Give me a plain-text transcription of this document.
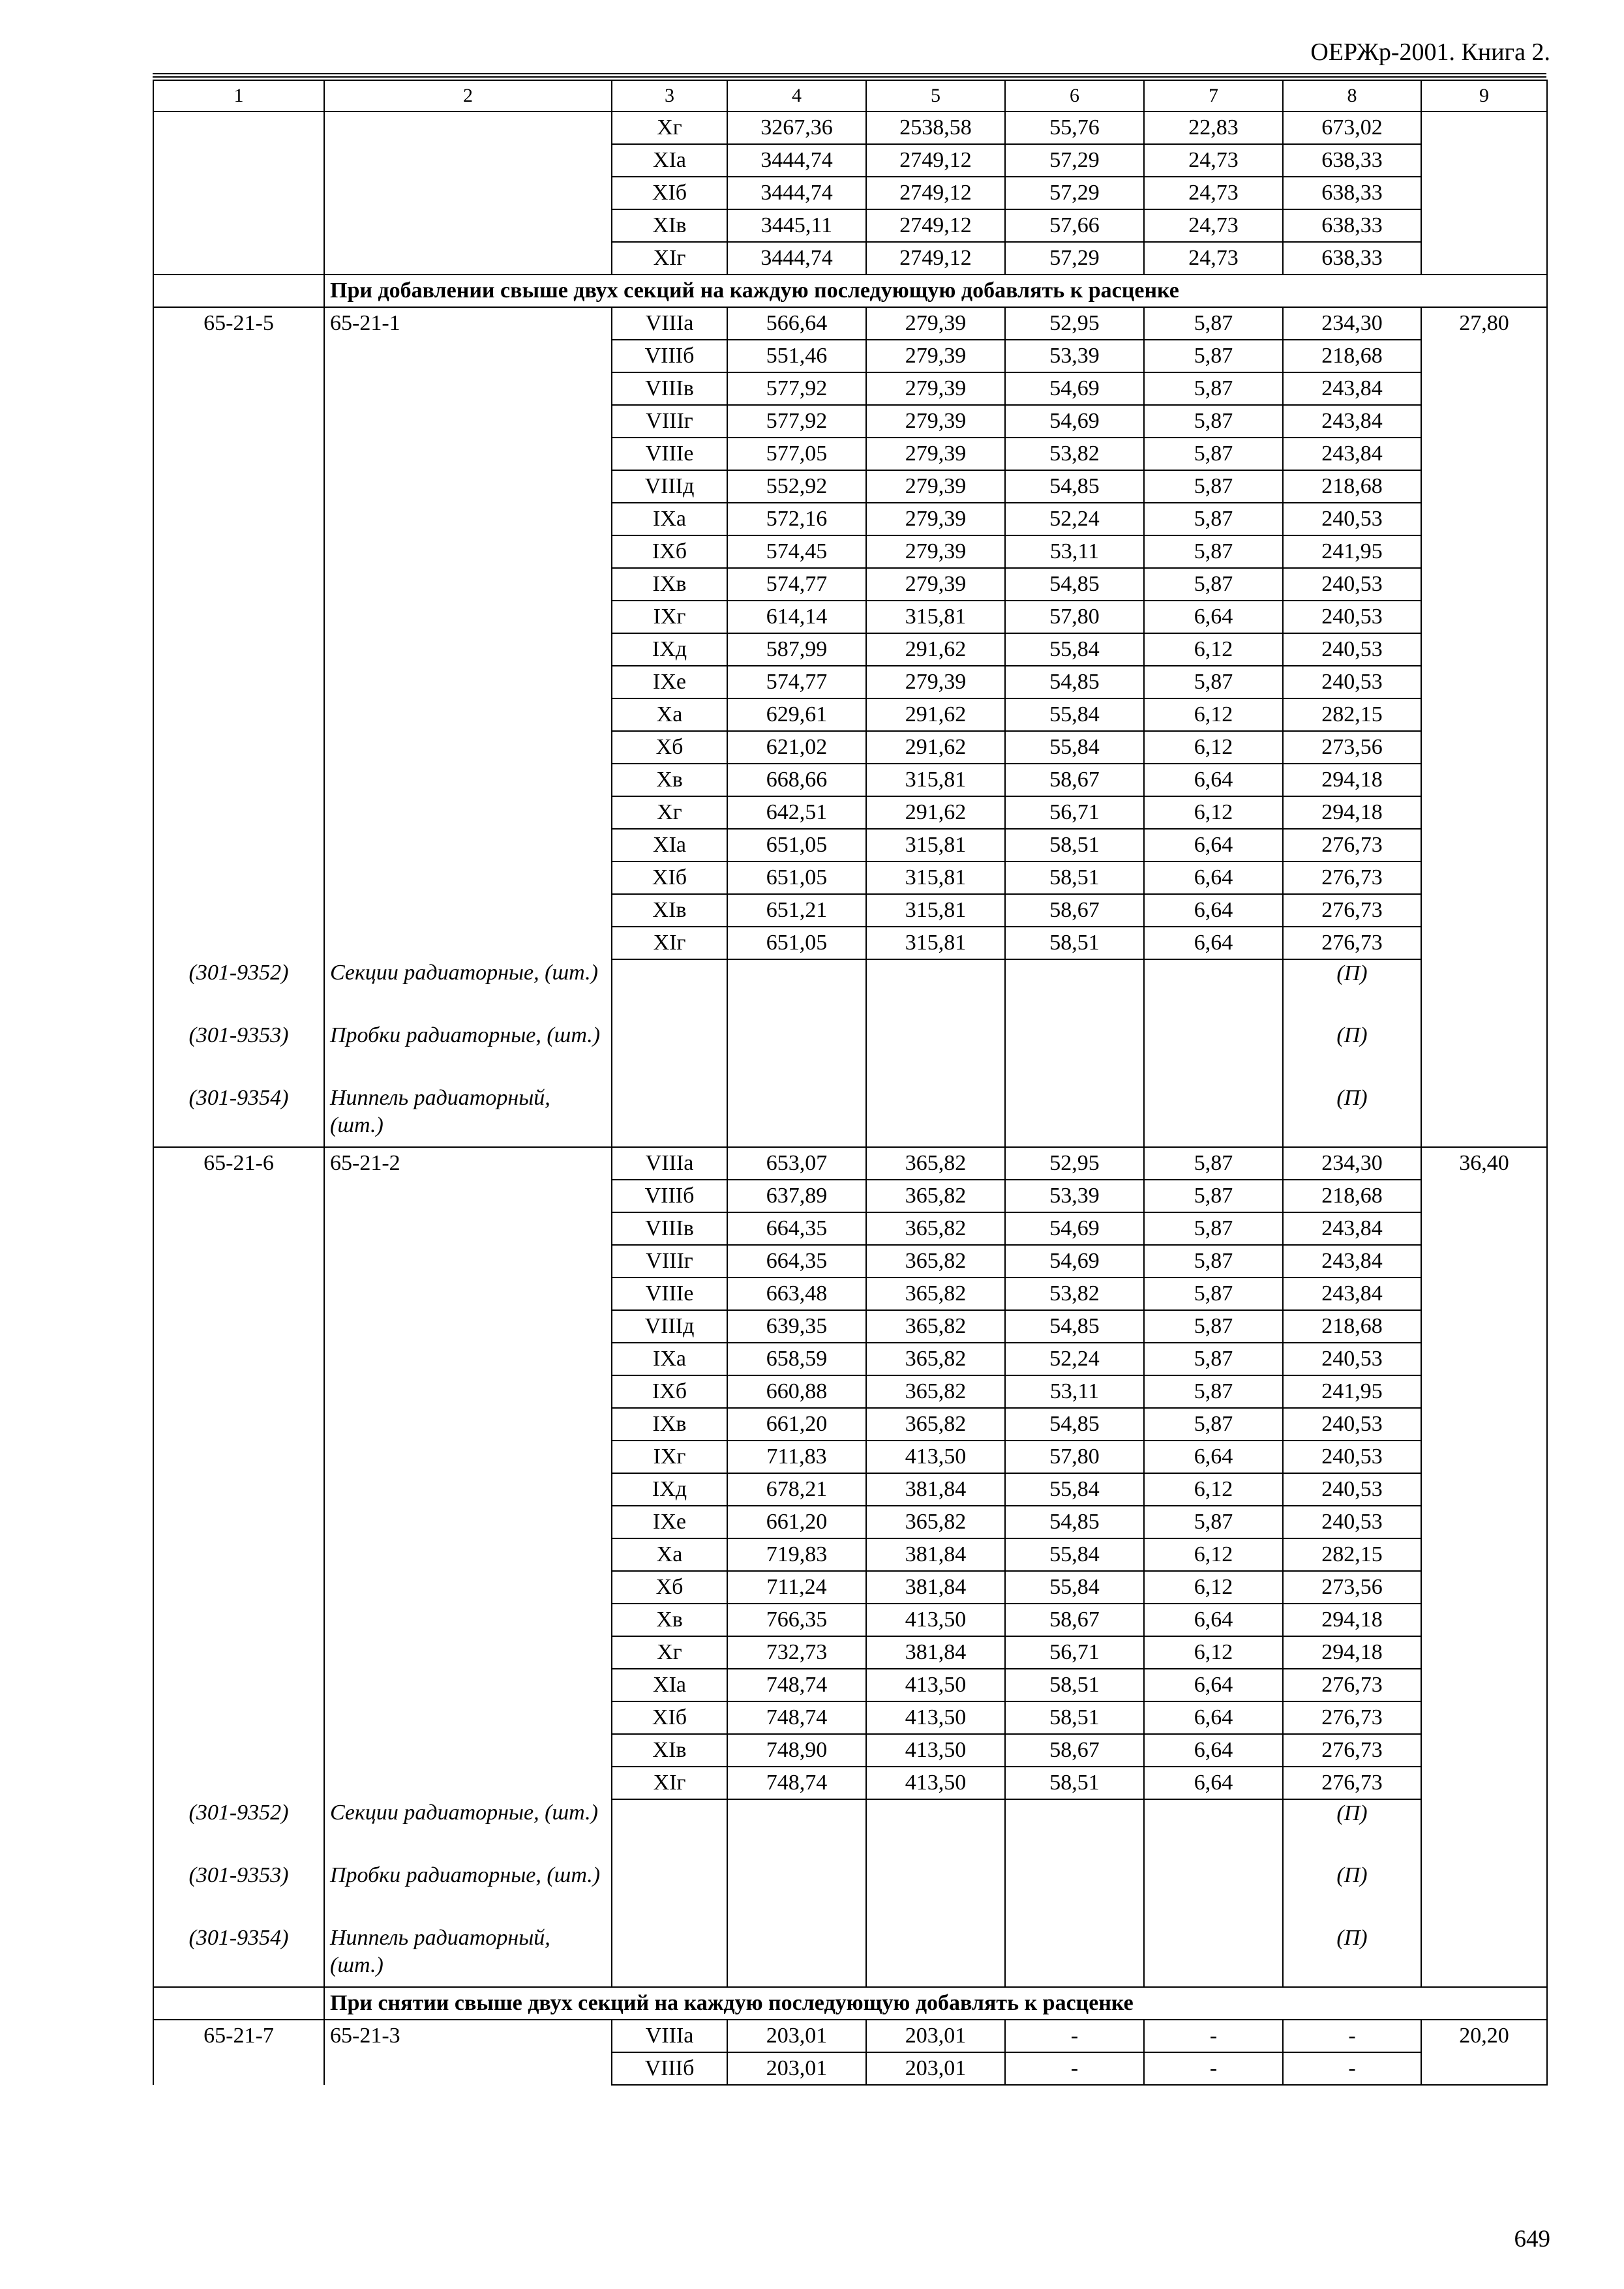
ОЕРЖр-2001. Книга 2.
1	2	3	4	5	6	7	8	9
		Хг	3267,36	2538,58	55,76	22,83	673,02	
		XIа	3444,74	2749,12	57,29	24,73	638,33	
		XIб	3444,74	2749,12	57,29	24,73	638,33	
		XIв	3445,11	2749,12	57,66	24,73	638,33	
		XIг	3444,74	2749,12	57,29	24,73	638,33	
	При добавлении свыше двух секций на каждую последующую добавлять к расценке							
65-21-5	65-21-1	VIIIа	566,64	279,39	52,95	5,87	234,30	27,80
		VIIIб	551,46	279,39	53,39	5,87	218,68	
		VIIIв	577,92	279,39	54,69	5,87	243,84	
		VIIIг	577,92	279,39	54,69	5,87	243,84	
		VIIIе	577,05	279,39	53,82	5,87	243,84	
		VIIIд	552,92	279,39	54,85	5,87	218,68	
		IXа	572,16	279,39	52,24	5,87	240,53	
		IXб	574,45	279,39	53,11	5,87	241,95	
		IXв	574,77	279,39	54,85	5,87	240,53	
		IXг	614,14	315,81	57,80	6,64	240,53	
		IXд	587,99	291,62	55,84	6,12	240,53	
		IXе	574,77	279,39	54,85	5,87	240,53	
		Ха	629,61	291,62	55,84	6,12	282,15	
		Хб	621,02	291,62	55,84	6,12	273,56	
		Хв	668,66	315,81	58,67	6,64	294,18	
		Хг	642,51	291,62	56,71	6,12	294,18	
		XIа	651,05	315,81	58,51	6,64	276,73	
		XIб	651,05	315,81	58,51	6,64	276,73	
		XIв	651,21	315,81	58,67	6,64	276,73	
		XIг	651,05	315,81	58,51	6,64	276,73	
(301-9352)	Секции радиаторные, (шт.)						(П)	
(301-9353)	Пробки радиаторные, (шт.)						(П)	
(301-9354)	Ниппель радиаторный, (шт.)						(П)	
65-21-6	65-21-2	VIIIа	653,07	365,82	52,95	5,87	234,30	36,40
		VIIIб	637,89	365,82	53,39	5,87	218,68	
		VIIIв	664,35	365,82	54,69	5,87	243,84	
		VIIIг	664,35	365,82	54,69	5,87	243,84	
		VIIIе	663,48	365,82	53,82	5,87	243,84	
		VIIIд	639,35	365,82	54,85	5,87	218,68	
		IXа	658,59	365,82	52,24	5,87	240,53	
		IXб	660,88	365,82	53,11	5,87	241,95	
		IXв	661,20	365,82	54,85	5,87	240,53	
		IXг	711,83	413,50	57,80	6,64	240,53	
		IXд	678,21	381,84	55,84	6,12	240,53	
		IXе	661,20	365,82	54,85	5,87	240,53	
		Ха	719,83	381,84	55,84	6,12	282,15	
		Хб	711,24	381,84	55,84	6,12	273,56	
		Хв	766,35	413,50	58,67	6,64	294,18	
		Хг	732,73	381,84	56,71	6,12	294,18	
		XIа	748,74	413,50	58,51	6,64	276,73	
		XIб	748,74	413,50	58,51	6,64	276,73	
		XIв	748,90	413,50	58,67	6,64	276,73	
		XIг	748,74	413,50	58,51	6,64	276,73	
(301-9352)	Секции радиаторные, (шт.)						(П)	
(301-9353)	Пробки радиаторные, (шт.)						(П)	
(301-9354)	Ниппель радиаторный, (шт.)						(П)	
	При снятии свыше двух секций на каждую последующую добавлять к расценке							
65-21-7	65-21-3	VIIIа	203,01	203,01	-	-	-	20,20
		VIIIб	203,01	203,01	-	-	-	
649
